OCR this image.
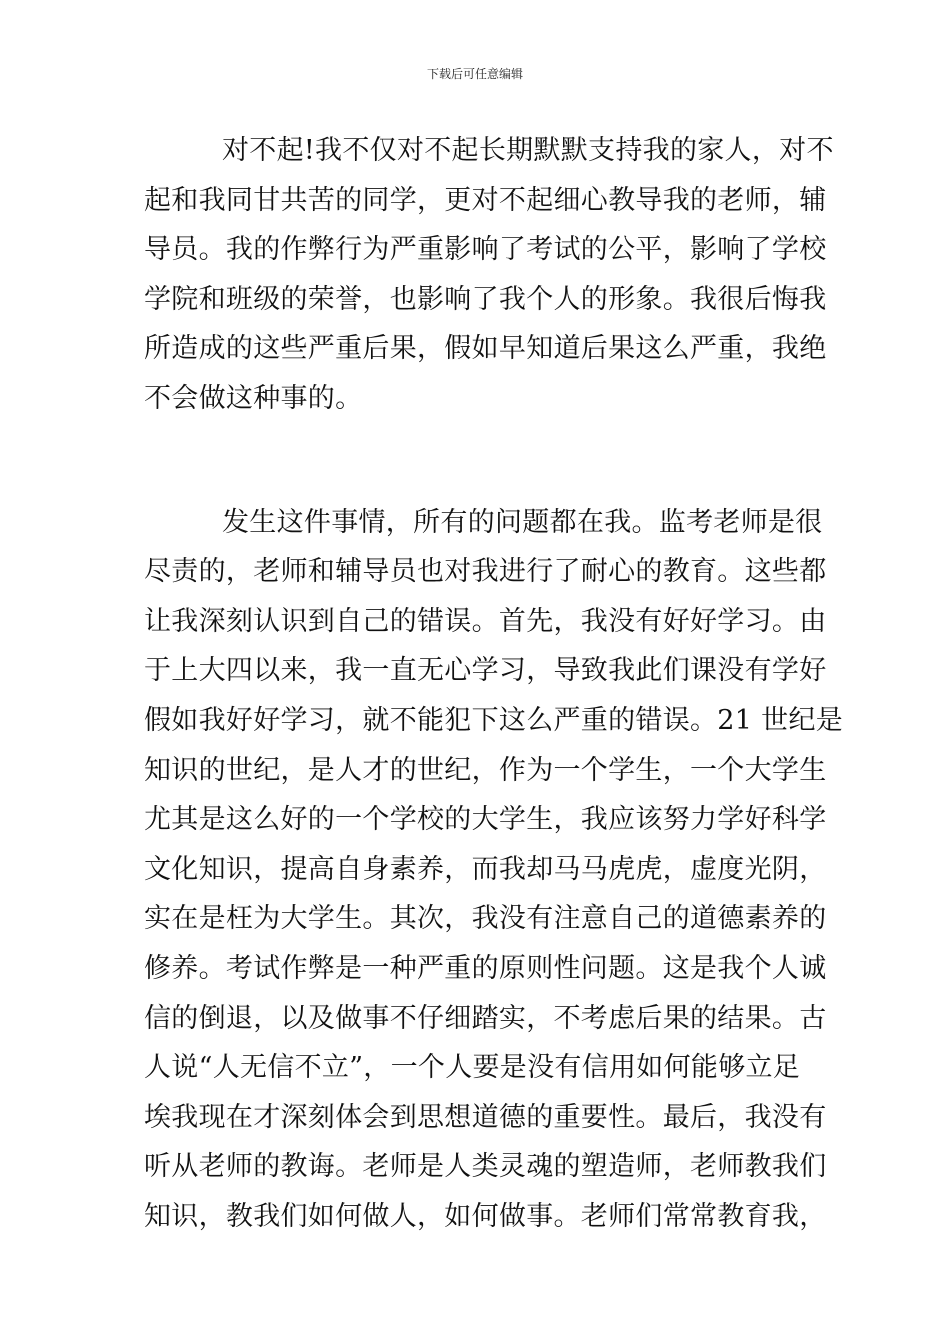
下载后可任意编辑
对不起!我不仅对不起长期默默支持我的家人，对不
起和我同甘共苦的同学，更对不起细心教导我的老师，辅
导员。我的作弊行为严重影响了考试的公平，影响了学校
学院和班级的荣誉，也影响了我个人的形象。我很后悔我
所造成的这些严重后果，假如早知道后果这么严重，我绝
不会做这种事的。
发生这件事情，所有的问题都在我。监考老师是很
尽责的，老师和辅导员也对我进行了耐心的教育。这些都
让我深刻认识到自己的错误。首先，我没有好好学习。由
于上大四以来，我一直无心学习，导致我此们课没有学好
假如我好好学习，就不能犯下这么严重的错误。21 世纪是
知识的世纪，是人才的世纪，作为一个学生，一个大学生
尤其是这么好的一个学校的大学生，我应该努力学好科学
文化知识，提高自身素养，而我却马马虎虎，虚度光阴，
实在是枉为大学生。其次，我没有注意自己的道德素养的
修养。考试作弊是一种严重的原则性问题。这是我个人诚
信的倒退，以及做事不仔细踏实，不考虑后果的结果。古
人说“人无信不立”，一个人要是没有信用如何能够立足
埃我现在才深刻体会到思想道德的重要性。最后，我没有
听从老师的教诲。老师是人类灵魂的塑造师，老师教我们
知识，教我们如何做人，如何做事。老师们常常教育我，
